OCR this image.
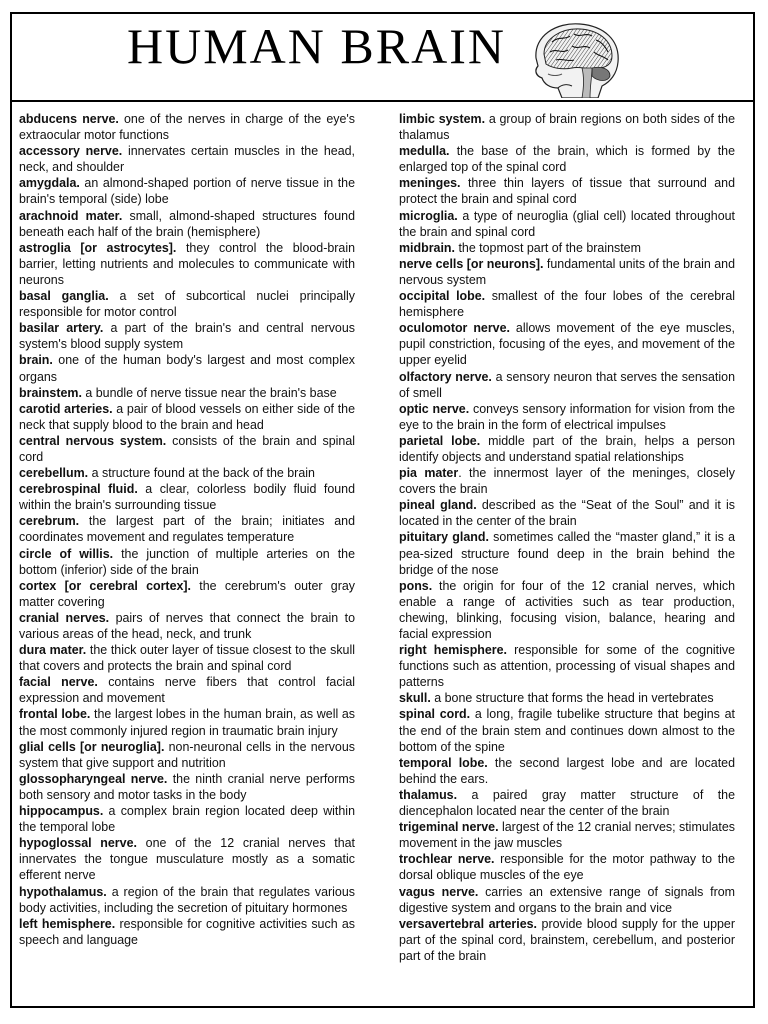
HUMAN BRAIN

abducens nerve. one of the nerves in charge of the eye's extraocular motor functions

accessory nerve. innervates certain muscles in the head, neck, and shoulder

amygdala. an almond-shaped portion of nerve tissue in the brain's temporal (side) lobe

arachnoid mater. small, almond-shaped structures found beneath each half of the brain (hemisphere)

astroglia [or astrocytes]. they control the blood-brain barrier, letting nutrients and molecules to communicate with neurons

basal ganglia. a set of subcortical nuclei principally responsible for motor control

basilar artery. a part of the brain's and central nervous system's blood supply system

brain. one of the human body's largest and most complex organs

brainstem. a bundle of nerve tissue near the brain's base

carotid arteries. a pair of blood vessels on either side of the neck that supply blood to the brain and head

central nervous system. consists of the brain and spinal cord

cerebellum. a structure found at the back of the brain

cerebrospinal fluid. a clear, colorless bodily fluid found within the brain's surrounding tissue

cerebrum. the largest part of the brain; initiates and coordinates movement and regulates temperature

circle of willis. the junction of multiple arteries on the bottom (inferior) side of the brain

cortex [or cerebral cortex]. the cerebrum's outer gray matter covering

cranial nerves. pairs of nerves that connect the brain to various areas of the head, neck, and trunk

dura mater. the thick outer layer of tissue closest to the skull that covers and protects the brain and spinal cord

facial nerve. contains nerve fibers that control facial expression and movement

frontal lobe. the largest lobes in the human brain, as well as the most commonly injured region in traumatic brain injury

glial cells [or neuroglia]. non-neuronal cells in the nervous system that give support and nutrition

glossopharyngeal nerve. the ninth cranial nerve performs both sensory and motor tasks in the body

hippocampus. a complex brain region located deep within the temporal lobe

hypoglossal nerve. one of the 12 cranial nerves that innervates the tongue musculature mostly as a somatic efferent nerve

hypothalamus. a region of the brain that regulates various body activities, including the secretion of pituitary hormones

left hemisphere. responsible for cognitive activities such as speech and language

limbic system. a group of brain regions on both sides of the thalamus

medulla. the base of the brain, which is formed by the enlarged top of the spinal cord

meninges. three thin layers of tissue that surround and protect the brain and spinal cord

microglia. a type of neuroglia (glial cell) located throughout the brain and spinal cord

midbrain. the topmost part of the brainstem

nerve cells [or neurons]. fundamental units of the brain and nervous system

occipital lobe. smallest of the four lobes of the cerebral hemisphere

oculomotor nerve. allows movement of the eye muscles, pupil constriction, focusing of the eyes, and movement of the upper eyelid

olfactory nerve. a sensory neuron that serves the sensation of smell

optic nerve. conveys sensory information for vision from the eye to the brain in the form of electrical impulses

parietal lobe. middle part of the brain, helps a person identify objects and understand spatial relationships

pia mater. the innermost layer of the meninges, closely covers the brain

pineal gland. described as the “Seat of the Soul” and it is located in the center of the brain

pituitary gland. sometimes called the “master gland,” it is a pea-sized structure found deep in the brain behind the bridge of the nose

pons. the origin for four of the 12 cranial nerves, which enable a range of activities such as tear production, chewing, blinking, focusing vision, balance, hearing and facial expression

right hemisphere. responsible for some of the cognitive functions such as attention, processing of visual shapes and patterns

skull. a bone structure that forms the head in vertebrates

spinal cord. a long, fragile tubelike structure that begins at the end of the brain stem and continues down almost to the bottom of the spine

temporal lobe. the second largest lobe and are located behind the ears.

thalamus. a paired gray matter structure of the diencephalon located near the center of the brain

trigeminal nerve. largest of the 12 cranial nerves; stimulates movement in the jaw muscles

trochlear nerve. responsible for the motor pathway to the dorsal oblique muscles of the eye

vagus nerve. carries an extensive range of signals from digestive system and organs to the brain and vice

versavertebral arteries. provide blood supply for the upper part of the spinal cord, brainstem, cerebellum, and posterior part of the brain
